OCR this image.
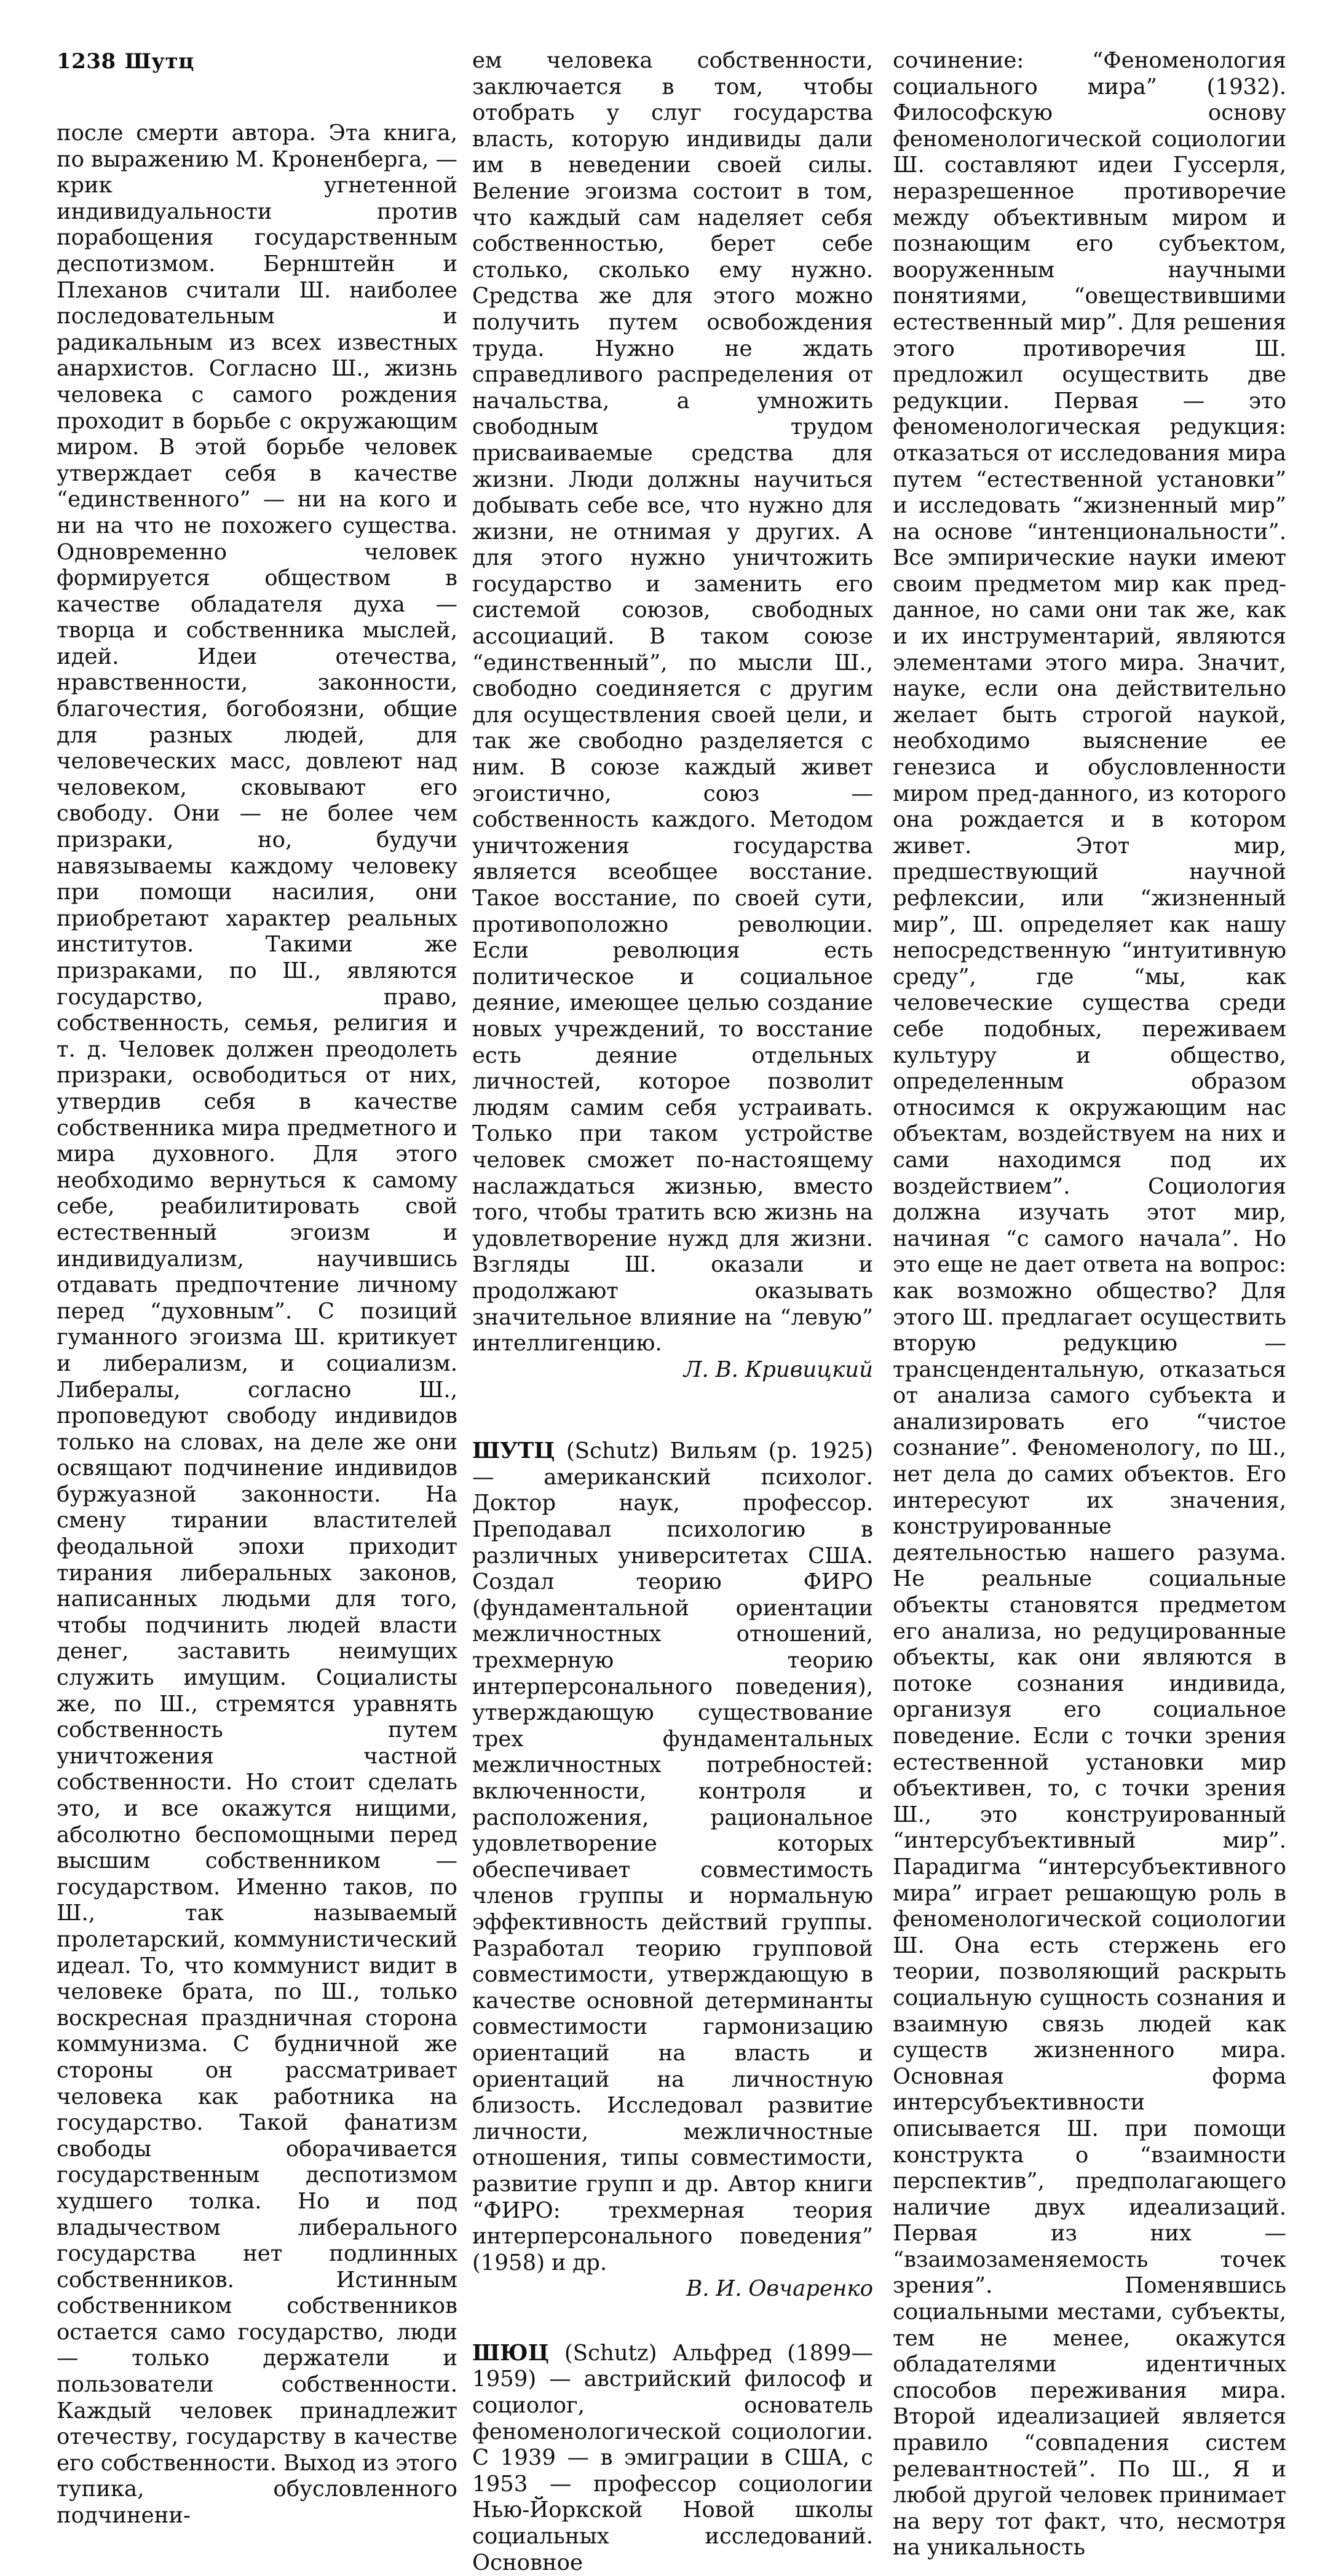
1238 Шутц

после смерти автора. Эта книга, по выражению М. Кроненберга, — крик угнетенной индивидуальности против порабощения государственным деспотизмом. Бернштейн и Плеханов считали Ш. наиболее последовательным и радикальным из всех известных анархистов. Согласно Ш., жизнь человека с самого рождения проходит в борьбе с окружающим миром. В этой борьбе человек утверждает себя в качестве “единственного” — ни на кого и ни на что не похожего существа. Одновременно человек формируется обществом в качестве обладателя духа — творца и собственника мыслей, идей. Идеи отечества, нравственности, законности, благочестия, богобоязни, общие для разных людей, для человеческих масс, довлеют над человеком, сковывают его свободу. Они — не более чем призраки, но, будучи навязываемы каждому человеку при помощи насилия, они приобретают характер реальных институтов. Такими же призраками, по Ш., являются государство, право, собственность, семья, религия и т. д. Человек должен преодолеть призраки, освободиться от них, утвердив себя в качестве собственника мира предметного и мира духовного. Для этого необходимо вернуться к самому себе, реабилитировать свой естественный эгоизм и индивидуализм, научившись отдавать предпочтение личному перед “духовным”. С позиций гуманного эгоизма Ш. критикует и либерализм, и социализм. Либералы, согласно Ш., проповедуют свободу индивидов только на словах, на деле же они освящают подчинение индивидов буржуазной законности. На смену тирании властителей феодальной эпохи приходит тирания либеральных законов, написанных людьми для того, чтобы подчинить людей власти денег, заставить неимущих служить имущим. Социалисты же, по Ш., стремятся уравнять собственность путем уничтожения частной собственности. Но стоит сделать это, и все окажутся нищими, абсолютно беспомощными перед высшим собственником — государством. Именно таков, по Ш., так называемый пролетарский, коммунистический идеал. То, что коммунист видит в человеке брата, по Ш., только воскресная праздничная сторона коммунизма. С будничной же стороны он рассматривает человека как работника на государство. Такой фанатизм свободы оборачивается государственным деспотизмом худшего толка. Но и под владычеством либерального государства нет подлинных собственников. Истинным собственником собственников остается само государство, люди — только держатели и пользователи собственности. Каждый человек принадлежит отечеству, государству в качестве его собственности. Выход из этого тупика, обусловленного подчинени-

ем человека собственности, заключается в том, чтобы отобрать у слуг государства власть, которую индивиды дали им в неведении своей силы. Веление эгоизма состоит в том, что каждый сам наделяет себя собственностью, берет себе столько, сколько ему нужно. Средства же для этого можно получить путем освобождения труда. Нужно не ждать справедливого распределения от начальства, а умножить свободным трудом присваиваемые средства для жизни. Люди должны научиться добывать себе все, что нужно для жизни, не отнимая у других. А для этого нужно уничтожить государство и заменить его системой союзов, свободных ассоциаций. В таком союзе “единственный”, по мысли Ш., свободно соединяется с другим для осуществления своей цели, и так же свободно разделяется с ним. В союзе каждый живет эгоистично, союз — собственность каждого. Методом уничтожения государства является всеобщее восстание. Такое восстание, по своей сути, противоположно революции. Если революция есть политическое и социальное деяние, имеющее целью создание новых учреждений, то восстание есть деяние отдельных личностей, которое позволит людям самим себя устраивать. Только при таком устройстве человек сможет по-настоящему наслаждаться жизнью, вместо того, чтобы тратить всю жизнь на удовлетворение нужд для жизни. Взгляды Ш. оказали и продолжают оказывать значительное влияние на “левую” интеллигенцию.

Л. В. Кривицкий

ШУТЦ (Schutz) Вильям (р. 1925) — американский психолог. Доктор наук, профессор. Преподавал психологию в различных университетах США. Создал теорию ФИРО (фундаментальной ориентации межличностных отношений, трехмерную теорию интерперсонального поведения), утверждающую существование трех фундаментальных межличностных потребностей: включенности, контроля и расположения, рациональное удовлетворение которых обеспечивает совместимость членов группы и нормальную эффективность действий группы. Разработал теорию групповой совместимости, утверждающую в качестве основной детерминанты совместимости гармонизацию ориентаций на власть и ориентаций на личностную близость. Исследовал развитие личности, межличностные отношения, типы совместимости, развитие групп и др. Автор книги “ФИРО: трехмерная теория интерперсонального поведения” (1958) и др.

В. И. Овчаренко

ШЮЦ (Schutz) Альфред (1899—1959) — австрийский философ и социолог, основатель феноменологической социологии. С 1939 — в эмиграции в США, с 1953 — профессор социологии Нью-Йоркской Новой школы социальных исследований. Основное

сочинение: “Феноменология социального мира” (1932). Философскую основу феноменологической социологии Ш. составляют идеи Гуссерля, неразрешенное противоречие между объективным миром и познающим его субъектом, вооруженным научными понятиями, “овеществившими естественный мир”. Для решения этого противоречия Ш. предложил осуществить две редукции. Первая — это феноменологическая редукция: отказаться от исследования мира путем “естественной установки” и исследовать “жизненный мир” на основе “интенциональности”. Все эмпирические науки имеют своим предметом мир как пред-данное, но сами они так же, как и их инструментарий, являются элементами этого мира. Значит, науке, если она действительно желает быть строгой наукой, необходимо выяснение ее генезиса и обусловленности миром пред-данного, из которого она рождается и в котором живет. Этот мир, предшествующий научной рефлексии, или “жизненный мир”, Ш. определяет как нашу непосредственную “интуитивную среду”, где “мы, как человеческие существа среди себе подобных, переживаем культуру и общество, определенным образом относимся к окружающим нас объектам, воздействуем на них и сами находимся под их воздействием”. Социология должна изучать этот мир, начиная “с самого начала”. Но это еще не дает ответа на вопрос: как возможно общество? Для этого Ш. предлагает осуществить вторую редукцию — трансцендентальную, отказаться от анализа самого субъекта и анализировать его “чистое сознание”. Феноменологу, по Ш., нет дела до самих объектов. Его интересуют их значения, конструированные деятельностью нашего разума. Не реальные социальные объекты становятся предметом его анализа, но редуцированные объекты, как они являются в потоке сознания индивида, организуя его социальное поведение. Если с точки зрения естественной установки мир объективен, то, с точки зрения Ш., это конструированный “интерсубъективный мир”. Парадигма “интерсубъективного мира” играет решающую роль в феноменологической социологии Ш. Она есть стержень его теории, позволяющий раскрыть социальную сущность сознания и взаимную связь людей как существ жизненного мира. Основная форма интерсубъективности описывается Ш. при помощи конструкта о “взаимности перспектив”, предполагающего наличие двух идеализаций. Первая из них — “взаимозаменяемость точек зрения”. Поменявшись социальными местами, субъекты, тем не менее, окажутся обладателями идентичных способов переживания мира. Второй идеализацией является правило “совпадения систем релевантностей”. По Ш., Я и любой другой человек принимает на веру тот факт, что, несмотря на уникальность
